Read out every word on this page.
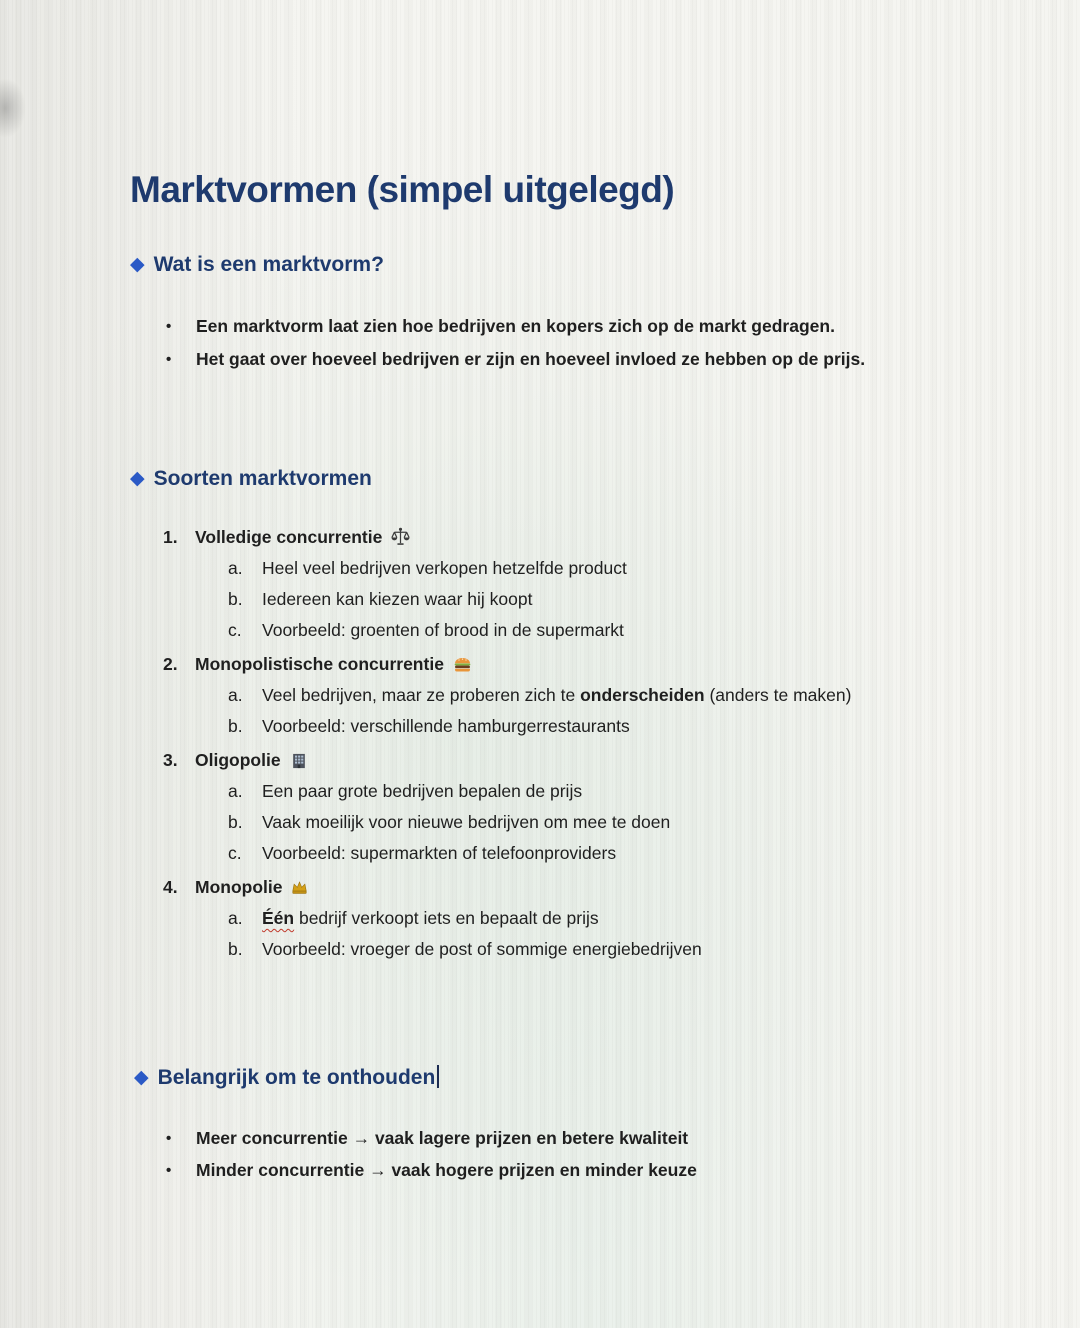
Marktvormen (simpel uitgelegd)
◆ Wat is een marktvorm?
•	Een marktvorm laat zien hoe bedrijven en kopers zich op de markt gedragen.
•	Het gaat over hoeveel bedrijven er zijn en hoeveel invloed ze hebben op de prijs.
◆ Soorten marktvormen
1. Volledige concurrentie
a.	Heel veel bedrijven verkopen hetzelfde product
b.	Iedereen kan kiezen waar hij koopt
c.	Voorbeeld: groenten of brood in de supermarkt
2. Monopolistische concurrentie
a.	Veel bedrijven, maar ze proberen zich te onderscheiden (anders te maken)
b.	Voorbeeld: verschillende hamburgerrestaurants
3. Oligopolie
a.	Een paar grote bedrijven bepalen de prijs
b.	Vaak moeilijk voor nieuwe bedrijven om mee te doen
c.	Voorbeeld: supermarkten of telefoonproviders
4. Monopolie
a.	Één bedrijf verkoopt iets en bepaalt de prijs
b.	Voorbeeld: vroeger de post of sommige energiebedrijven
◆ Belangrijk om te onthouden
•	Meer concurrentie → vaak lagere prijzen en betere kwaliteit
•	Minder concurrentie → vaak hogere prijzen en minder keuze
